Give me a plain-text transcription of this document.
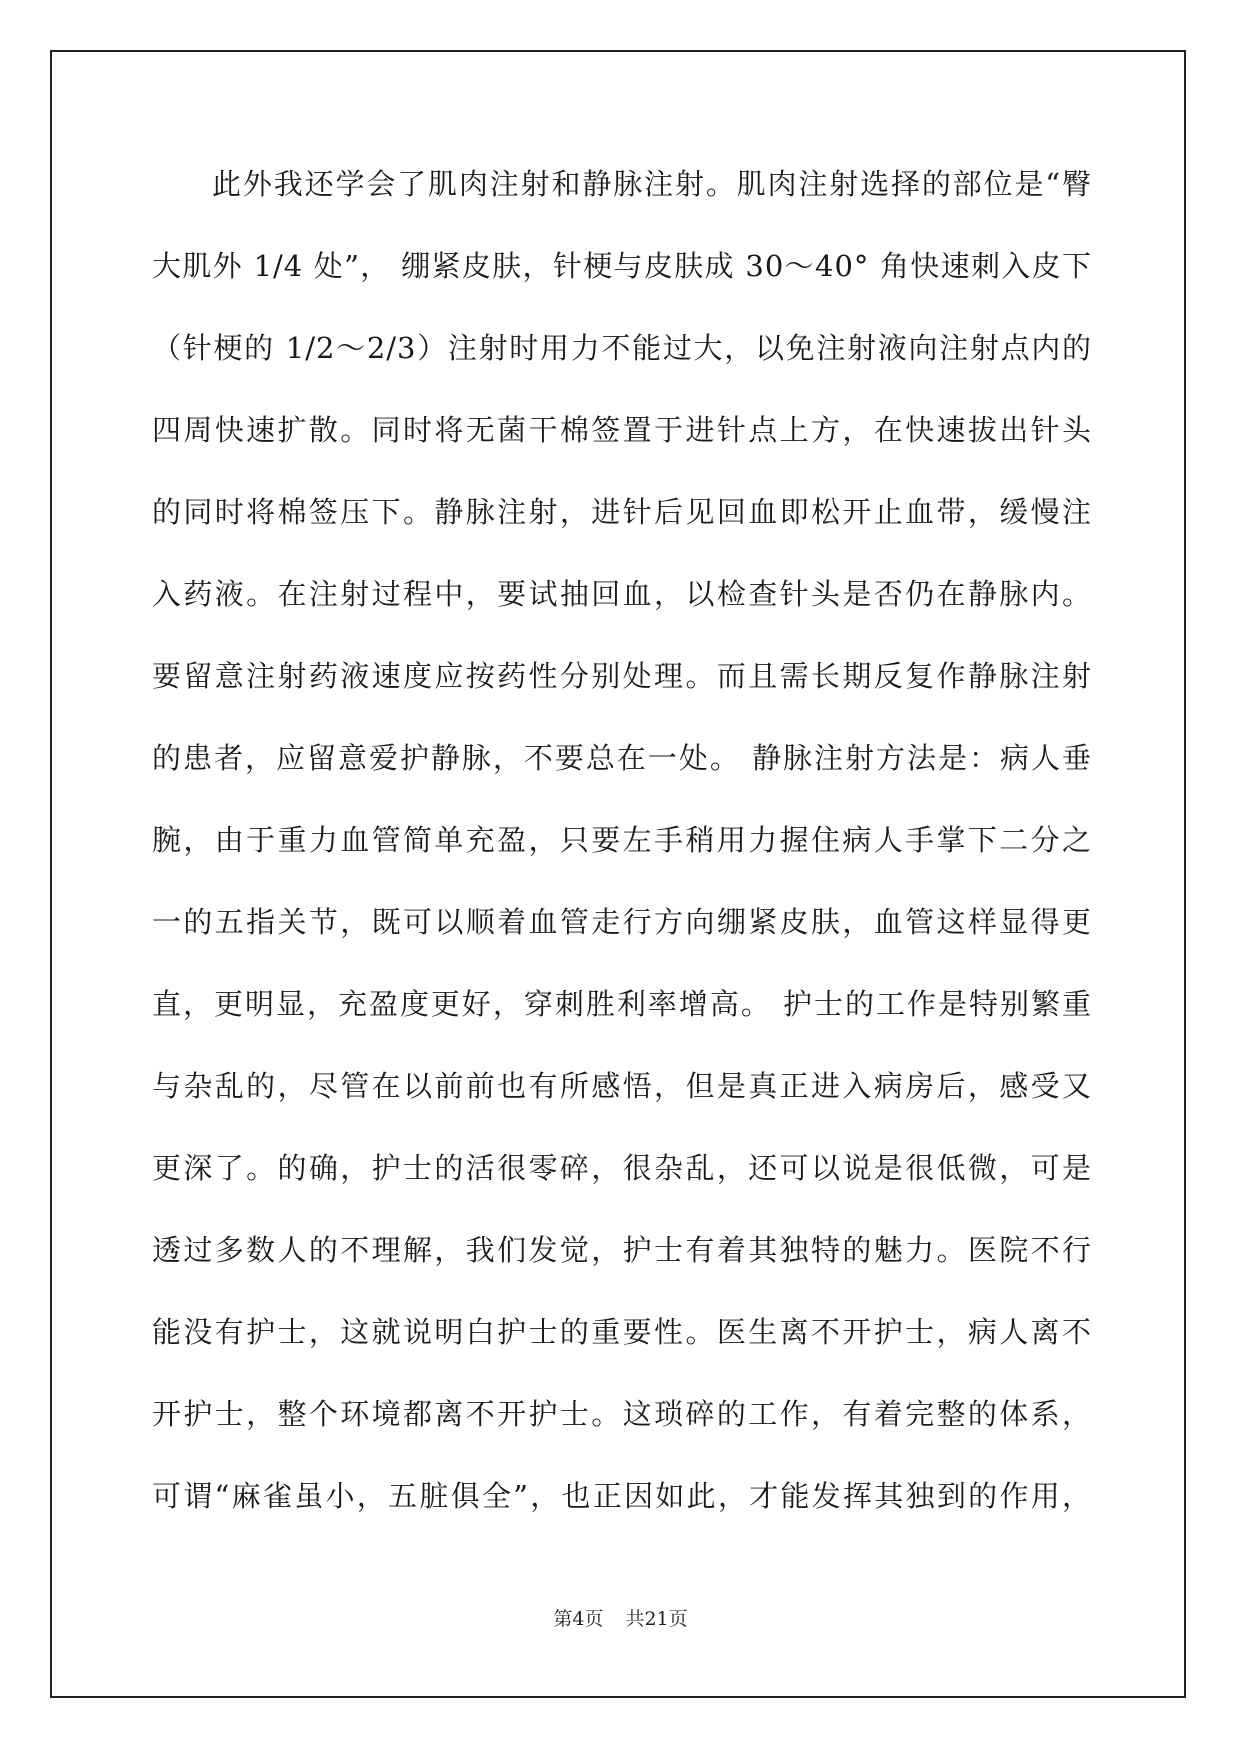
此外我还学会了肌肉注射和静脉注射。肌肉注射选择的部位是“臀
大肌外 1/4 处”， 绷紧皮肤，针梗与皮肤成 30～40° 角快速刺入皮下
（针梗的 1/2～2/3）注射时用力不能过大，以免注射液向注射点内的
四周快速扩散。同时将无菌干棉签置于进针点上方，在快速拔出针头
的同时将棉签压下。静脉注射，进针后见回血即松开止血带，缓慢注
入药液。在注射过程中，要试抽回血，以检查针头是否仍在静脉内。
要留意注射药液速度应按药性分别处理。而且需长期反复作静脉注射
的患者，应留意爱护静脉，不要总在一处。 静脉注射方法是：病人垂
腕，由于重力血管简单充盈，只要左手稍用力握住病人手掌下二分之
一的五指关节，既可以顺着血管走行方向绷紧皮肤，血管这样显得更
直，更明显，充盈度更好，穿刺胜利率增高。 护士的工作是特别繁重
与杂乱的，尽管在以前前也有所感悟，但是真正进入病房后，感受又
更深了。的确，护士的活很零碎，很杂乱，还可以说是很低微，可是
透过多数人的不理解，我们发觉，护士有着其独特的魅力。医院不行
能没有护士，这就说明白护士的重要性。医生离不开护士，病人离不
开护士，整个环境都离不开护士。这琐碎的工作，有着完整的体系，
可谓“麻雀虽小，五脏俱全”，也正因如此，才能发挥其独到的作用，
第4页 共21页
